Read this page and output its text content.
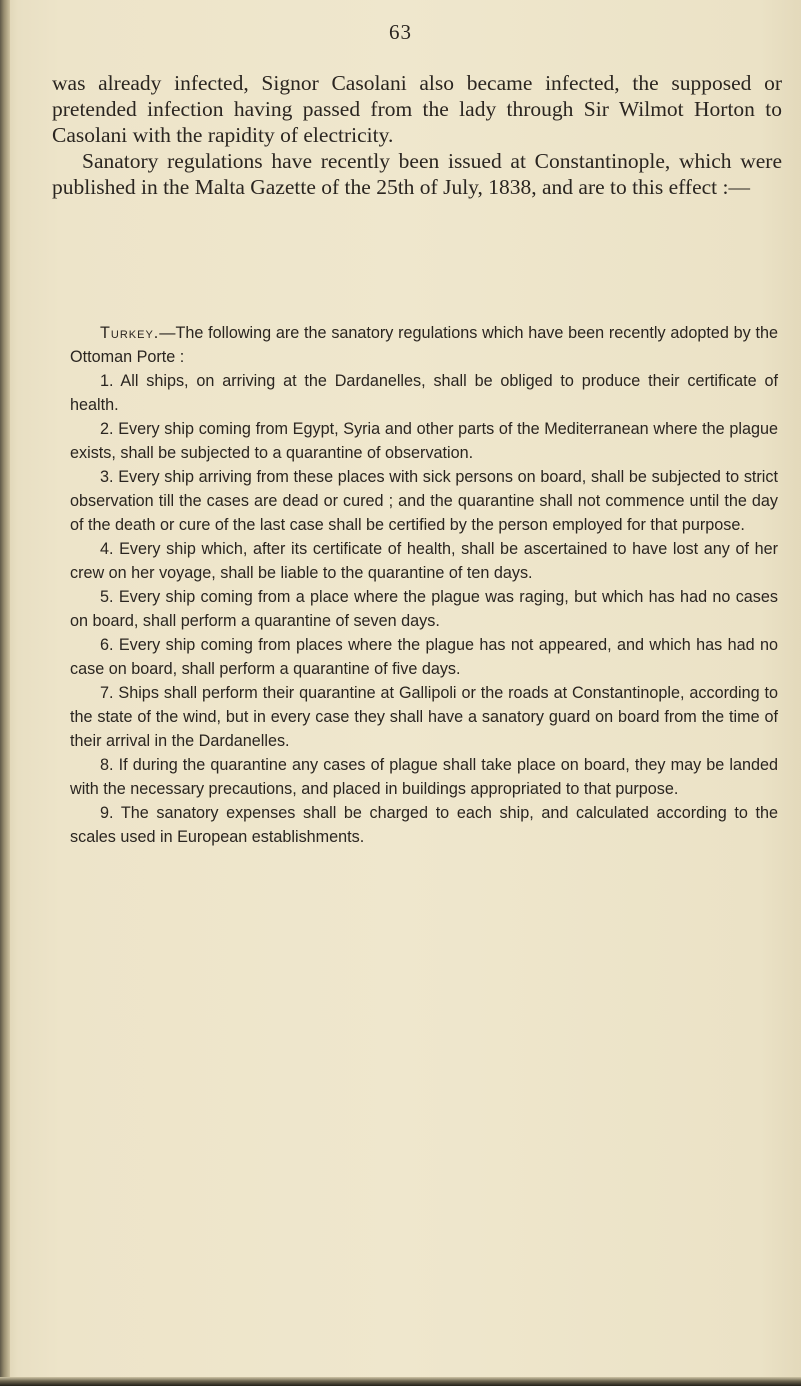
63

was already infected, Signor Casolani also became infected, the supposed or pretended infection having passed from the lady through Sir Wilmot Horton to Casolani with the rapidity of electricity.

Sanatory regulations have recently been issued at Constantinople, which were published in the Malta Gazette of the 25th of July, 1838, and are to this effect :—

Turkey.—The following are the sanatory regulations which have been recently adopted by the Ottoman Porte :

1. All ships, on arriving at the Dardanelles, shall be obliged to produce their certificate of health.

2. Every ship coming from Egypt, Syria and other parts of the Mediterranean where the plague exists, shall be subjected to a quarantine of observation.

3. Every ship arriving from these places with sick persons on board, shall be subjected to strict observation till the cases are dead or cured ; and the quarantine shall not commence until the day of the death or cure of the last case shall be certified by the person employed for that purpose.

4. Every ship which, after its certificate of health, shall be ascertained to have lost any of her crew on her voyage, shall be liable to the quarantine of ten days.

5. Every ship coming from a place where the plague was raging, but which has had no cases on board, shall perform a quarantine of seven days.

6. Every ship coming from places where the plague has not appeared, and which has had no case on board, shall perform a quarantine of five days.

7. Ships shall perform their quarantine at Gallipoli or the roads at Constantinople, according to the state of the wind, but in every case they shall have a sanatory guard on board from the time of their arrival in the Dardanelles.

8. If during the quarantine any cases of plague shall take place on board, they may be landed with the necessary precautions, and placed in buildings appropriated to that purpose.

9. The sanatory expenses shall be charged to each ship, and calculated according to the scales used in European establishments.
